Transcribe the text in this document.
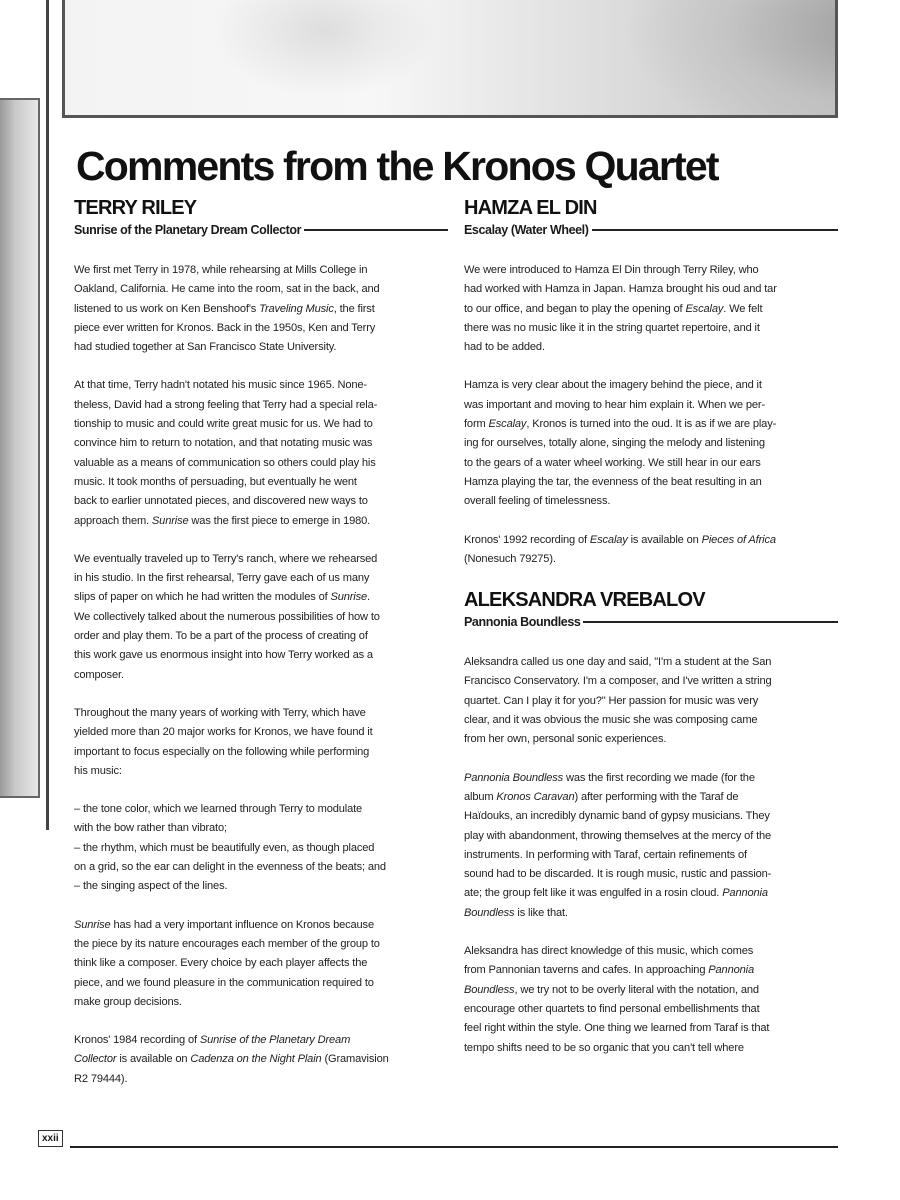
Comments from the Kronos Quartet
TERRY RILEY
Sunrise of the Planetary Dream Collector

We first met Terry in 1978, while rehearsing at Mills College in
Oakland, California. He came into the room, sat in the back, and
listened to us work on Ken Benshoof's Traveling Music, the first
piece ever written for Kronos. Back in the 1950s, Ken and Terry
had studied together at San Francisco State University.

At that time, Terry hadn't notated his music since 1965. None-
theless, David had a strong feeling that Terry had a special rela-
tionship to music and could write great music for us. We had to
convince him to return to notation, and that notating music was
valuable as a means of communication so others could play his
music. It took months of persuading, but eventually he went
back to earlier unnotated pieces, and discovered new ways to
approach them. Sunrise was the first piece to emerge in 1980.

We eventually traveled up to Terry's ranch, where we rehearsed
in his studio. In the first rehearsal, Terry gave each of us many
slips of paper on which he had written the modules of Sunrise.
We collectively talked about the numerous possibilities of how to
order and play them. To be a part of the process of creating of
this work gave us enormous insight into how Terry worked as a
composer.

Throughout the many years of working with Terry, which have
yielded more than 20 major works for Kronos, we have found it
important to focus especially on the following while performing
his music:

– the tone color, which we learned through Terry to modulate
with the bow rather than vibrato;
– the rhythm, which must be beautifully even, as though placed
on a grid, so the ear can delight in the evenness of the beats; and
– the singing aspect of the lines.

Sunrise has had a very important influence on Kronos because
the piece by its nature encourages each member of the group to
think like a composer. Every choice by each player affects the
piece, and we found pleasure in the communication required to
make group decisions.

Kronos' 1984 recording of Sunrise of the Planetary Dream
Collector is available on Cadenza on the Night Plain (Gramavision
R2 79444).

HAMZA EL DIN
Escalay (Water Wheel)

We were introduced to Hamza El Din through Terry Riley, who
had worked with Hamza in Japan. Hamza brought his oud and tar
to our office, and began to play the opening of Escalay. We felt
there was no music like it in the string quartet repertoire, and it
had to be added.

Hamza is very clear about the imagery behind the piece, and it
was important and moving to hear him explain it. When we per-
form Escalay, Kronos is turned into the oud. It is as if we are play-
ing for ourselves, totally alone, singing the melody and listening
to the gears of a water wheel working. We still hear in our ears
Hamza playing the tar, the evenness of the beat resulting in an
overall feeling of timelessness.

Kronos' 1992 recording of Escalay is available on Pieces of Africa
(Nonesuch 79275).

ALEKSANDRA VREBALOV
Pannonia Boundless

Aleksandra called us one day and said, "I'm a student at the San
Francisco Conservatory. I'm a composer, and I've written a string
quartet. Can I play it for you?" Her passion for music was very
clear, and it was obvious the music she was composing came
from her own, personal sonic experiences.

Pannonia Boundless was the first recording we made (for the
album Kronos Caravan) after performing with the Taraf de
Haïdouks, an incredibly dynamic band of gypsy musicians. They
play with abandonment, throwing themselves at the mercy of the
instruments. In performing with Taraf, certain refinements of
sound had to be discarded. It is rough music, rustic and passion-
ate; the group felt like it was engulfed in a rosin cloud. Pannonia
Boundless is like that.

Aleksandra has direct knowledge of this music, which comes
from Pannonian taverns and cafes. In approaching Pannonia
Boundless, we try not to be overly literal with the notation, and
encourage other quartets to find personal embellishments that
feel right within the style. One thing we learned from Taraf is that
tempo shifts need to be so organic that you can't tell where

xxii
